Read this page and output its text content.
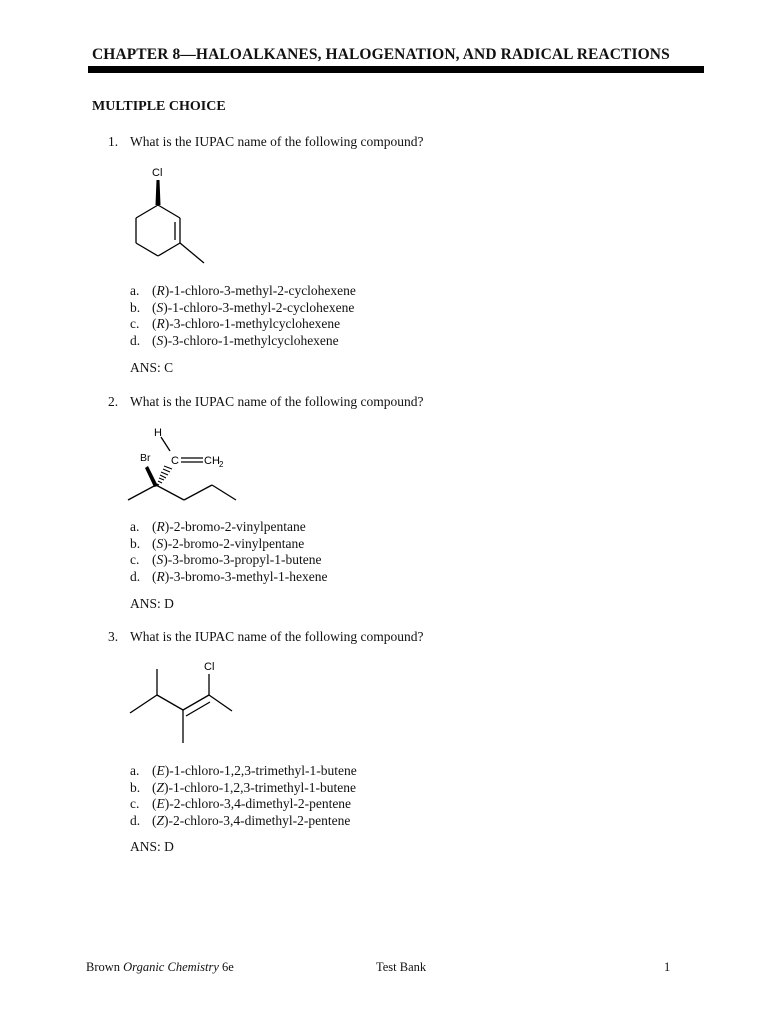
CHAPTER 8—HALOALKANES, HALOGENATION, AND RADICAL REACTIONS
MULTIPLE CHOICE
1. What is the IUPAC name of the following compound?
Cl
a. (R)-1-chloro-3-methyl-2-cyclohexene
b. (S)-1-chloro-3-methyl-2-cyclohexene
c. (R)-3-chloro-1-methylcyclohexene
d. (S)-3-chloro-1-methylcyclohexene
ANS: C
2. What is the IUPAC name of the following compound?
H
Br C CH 2
a. (R)-2-bromo-2-vinylpentane
b. (S)-2-bromo-2-vinylpentane
c. (S)-3-bromo-3-propyl-1-butene
d. (R)-3-bromo-3-methyl-1-hexene
ANS: D
3. What is the IUPAC name of the following compound?
Cl
a. (E)-1-chloro-1,2,3-trimethyl-1-butene
b. (Z)-1-chloro-1,2,3-trimethyl-1-butene
c. (E)-2-chloro-3,4-dimethyl-2-pentene
d. (Z)-2-chloro-3,4-dimethyl-2-pentene
ANS: D
Brown Organic Chemistry 6e	Test Bank	1
